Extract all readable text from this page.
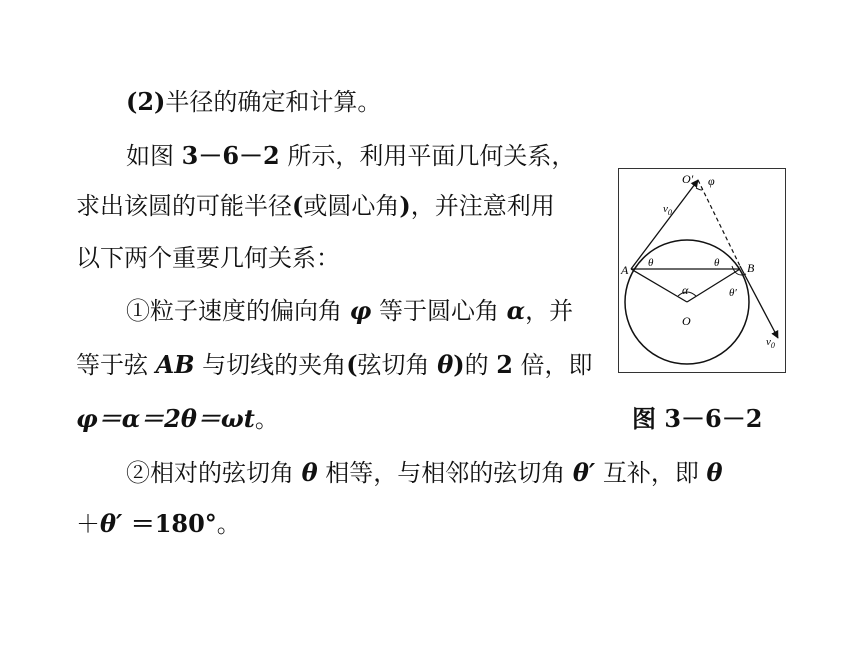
(2)半径的确定和计算。
如图 3－6－2 所示，利用平面几何关系，
求出该圆的可能半径(或圆心角)，并注意利用
以下两个重要几何关系：
①粒子速度的偏向角 φ 等于圆心角 α，并
等于弦 AB 与切线的夹角(弦切角 θ)的 2 倍，即
φ＝α＝2θ＝ωt。	图 3－6－2
②相对的弦切角 θ 相等，与相邻的弦切角 θ′ 互补，即 θ
＋θ′ ＝180°。
O′ φ
$v_0$
A θ	θ B
θ′
α
O
$v_0$
